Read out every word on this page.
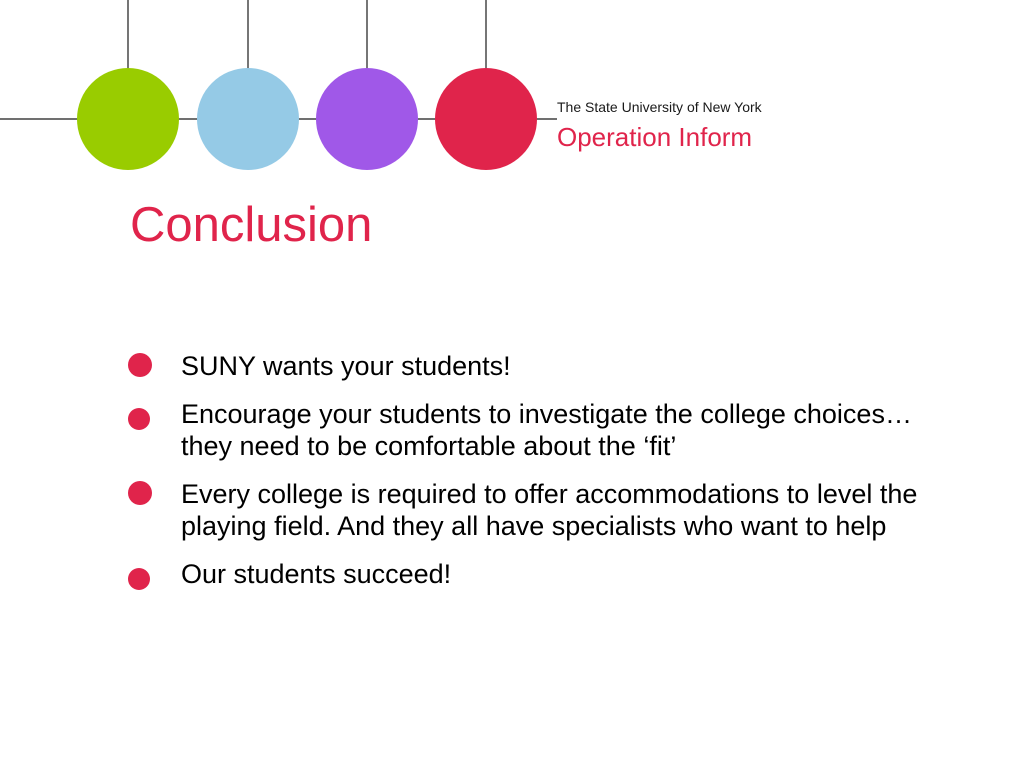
The State University of New York
Operation Inform
Conclusion
SUNY wants your students!
Encourage your students to investigate the college choices…they need to be comfortable about the ‘fit’
Every college is required to offer accommodations to level the playing field. And they all have specialists who want to help
Our students succeed!
